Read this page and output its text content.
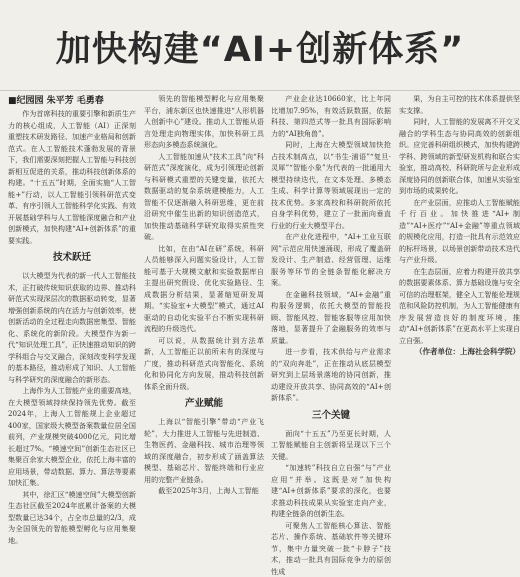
加快构建“AI+创新体系”
■纪园园 朱平芳 毛勇春

作为首席科技的重要引擎和新质生产力的核心组成，人工智能（AI）正深刻重塑技术研发路径、加速产业格局和创新范式。在人工智能技术蓬勃发展的背景下，我们需要深刻把握人工智能与科技创新相互促进的关系，推动科技创新体系的构建。“十五五”时期，全面实施“人工智能+”行动，以人工智能引领科研范式变革、有序引领人工智能科学化实践、有效开展基础学科与人工智能深度融合和产业创新模式，加快构建“AI+创新体系”的重要实践。

技术跃迁

以大模型为代表的新一代人工智能技术，正打破传统知识获取的边界、推动科研范式实现深层次的数据驱动转变，显著增强创新系统的内在活力与创新效率，使创新活动的全过程走向数据密集型、智能化、系统化的新阶段。大模型作为新一代“知识处理工具”，正快速推动知识的跨学科组合与交叉融合，深刻改变科学发现的基本路径，推动形成了知识、人工智能与科学研究的深度融合的新形态。

上海作为人工智能产业的重要高地，在大模型领域持续保持领先优势。截至2024年，上海人工智能规上企业超过400家，国家级大模型备案数量位居全国前列，产业规模突破4000亿元，同比增长超过7%。“模速空间”创新生态社区已集聚百余家大模型企业，依托上海丰富的应用场景，带动数据、算力、算法等要素加快汇集。

其中，徐汇区“模速空间”大模型创新生态社区截至2024年底累计备案的大模型数量已达34个，占全市总量的2/3，成为全国领先的智能模型孵化与应用集聚地。

领先的智能模型孵化与应用集聚平台，浦东新区也快速推进“人形机器人创新中心”建设。推动人工智能从语言处理走向物理实体，加快科研工具形态向多模态系统演化。

人工智能加速从“技术工具”向“科研范式”深度演化，成为引领理论创新与科研模式重塑的关键变量，依托大数据驱动的复杂系统建模能力，人工智能不仅逐渐融入科研思维，更在前沿研究中催生出新的知识创造范式，加快推动基础科学研究取得实质性突破。

比如，在由“AI在研”系统，科研人员能够深入问题实验设计，人工智能可基于大规模文献和实验数据库自主提出研究假设、优化实验路径、生成数据分析结果，显著缩短研发周期。“实验室+大模型”模式，通过AI驱动的自动化实验平台不断实现科研流程的升级迭代。

可以说，从数据统计到方法革新，人工智能正以前所未有的深度与广度，推动科研范式向智能化、系统化和协同化方向发展，推动科技创新体系全面升级。

产业赋能

上海以“智能引擎”带动“产业飞轮”，大力推进人工智能与先进制造、生物医药、金融科技、城市治理等领域的深度融合，初步形成了涵盖算法模型、基础芯片、智能终端和行业应用的完整产业链条。

截至2025年3月，上海人工智能

产业企业达10660家，比上年同比增加7.95%，有效活跃数据，依据科技、第四范式等一批具有国际影响力的“AI独角兽”。

同时，上海在大模型领域加快抢占技术制高点，以“书生·浦语”“复旦·灵犀”“智能小象”为代表的一批通用大模型持续迭代，在文本处理、多模态生成、科学计算等领域展现出一定的技术优势。多家高校和科研院所依托自身学科优势，建立了一批面向垂直行业的行业大模型平台。

在产业化进程中，“AI+工业互联网”示范应用快速涌现，形成了覆盖研发设计、生产制造、经营管理、运维服务等环节的全链条智能化解决方案。

在金融科技领域，“AI+金融”重构服务逻辑，依托大模型的智能投顾、智能风控、智能客服等应用加快落地，显著提升了金融服务的效率与质量。

进一步看，技术供给与产业需求的“双向奔赴”，正在推动从底层模型研究到上层场景落地的协同创新，推动建设开放共享、协同高效的“AI+创新体系”。

三个关键

面向“十五五”乃至更长时期，人工智能赋能自主创新将呈现以下三个关键。

“加速转”科技自立自强“与”产业应用“并举。这既是对”加快构建“AI+创新体系”要求的深化，也要求推动科技成果从实验室走向产业，构建全链条的创新生态。

可聚焦人工智能核心算法、智能芯片、操作系统、基础软件等关键环节，集中力量突破一批“卡脖子”技术，推动一批具有国际竞争力的原创性成

果，为自主可控的技术体系提供坚实支撑。

同时，人工智能的发展离不开交叉融合的学科生态与协同高效的创新组织。应完善科研组织模式，加快构建跨学科、跨领域的新型研发机构和联合实验室，推动高校、科研院所与企业形成深度协同的创新联合体，加速从实验室到市场的成果转化。

在产业层面，应推动人工智能赋能千行百业。加快推进“AI+制造”“AI+医疗”“AI+金融”等重点领域的规模化应用，打造一批具有示范效应的标杆场景，以场景创新带动技术迭代与产业升级。

在生态层面，应着力构建开放共享的数据要素体系、算力基础设施与安全可信的治理框架，健全人工智能伦理规范和风险防控机制，为人工智能健康有序发展营造良好的制度环境，推动“AI+创新体系”在更高水平上实现自立自强。

（作者单位：上海社会科学院）
